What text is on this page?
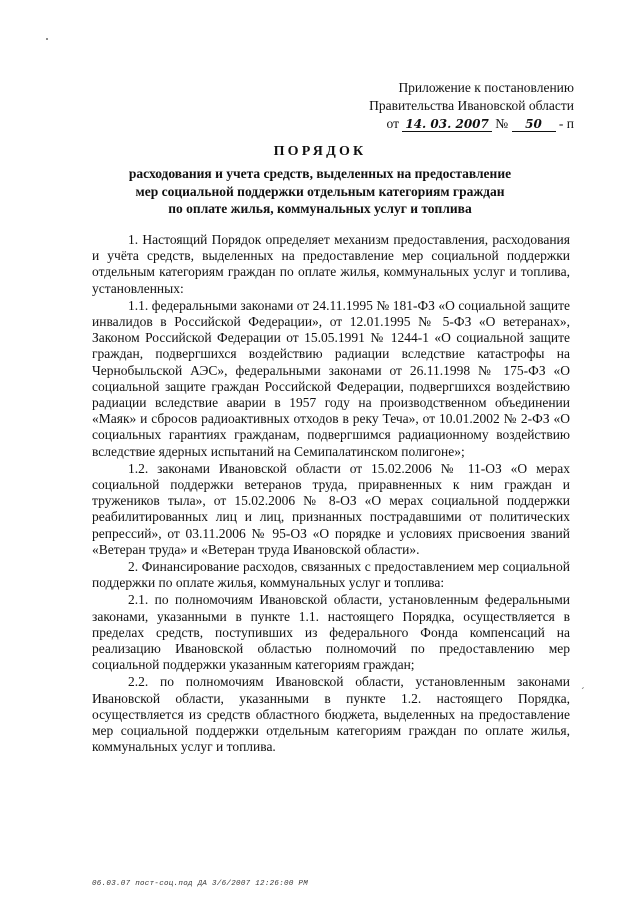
Приложение к постановлению
Правительства Ивановской области
от 14. 03. 2007 № 50 - п
ПОРЯДОК
расходования и учета средств, выделенных на предоставление
мер социальной поддержки отдельным категориям граждан
по оплате жилья, коммунальных услуг и топлива

1. Настоящий Порядок определяет механизм предоставления, расходования и учёта средств, выделенных на предоставление мер социальной поддержки отдельным категориям граждан по оплате жилья, коммунальных услуг и топлива, установленных:

1.1. федеральными законами от 24.11.1995 № 181-ФЗ «О социальной защите инвалидов в Российской Федерации», от 12.01.1995 № 5-ФЗ «О ветеранах», Законом Российской Федерации от 15.05.1991 № 1244-1 «О социальной защите граждан, подвергшихся воздействию радиации вследствие катастрофы на Чернобыльской АЭС», федеральными законами от 26.11.1998 № 175-ФЗ «О социальной защите граждан Российской Федерации, подвергшихся воздействию радиации вследствие аварии в 1957 году на производственном объединении «Маяк» и сбросов радиоактивных отходов в реку Теча», от 10.01.2002 № 2-ФЗ «О социальных гарантиях гражданам, подвергшимся радиационному воздействию вследствие ядерных испытаний на Семипалатинском полигоне»;

1.2. законами Ивановской области от 15.02.2006 № 11-ОЗ «О мерах социальной поддержки ветеранов труда, приравненных к ним граждан и тружеников тыла», от 15.02.2006 № 8-ОЗ «О мерах социальной поддержки реабилитированных лиц и лиц, признанных пострадавшими от политических репрессий», от 03.11.2006 № 95-ОЗ «О порядке и условиях присвоения званий «Ветеран труда» и «Ветеран труда Ивановской области».

2. Финансирование расходов, связанных с предоставлением мер социальной поддержки по оплате жилья, коммунальных услуг и топлива:

2.1. по полномочиям Ивановской области, установленным федеральными законами, указанными в пункте 1.1. настоящего Порядка, осуществляется в пределах средств, поступивших из федерального Фонда компенсаций на реализацию Ивановской областью полномочий по предоставлению мер социальной поддержки указанным категориям граждан;

2.2. по полномочиям Ивановской области, установленным законами Ивановской области, указанными в пункте 1.2. настоящего Порядка, осуществляется из средств областного бюджета, выделенных на предоставление мер социальной поддержки отдельным категориям граждан по оплате жилья, коммунальных услуг и топлива.

ˊ
06.03.07 пост-соц.под ДА 3/6/2007 12:26:00 PM
